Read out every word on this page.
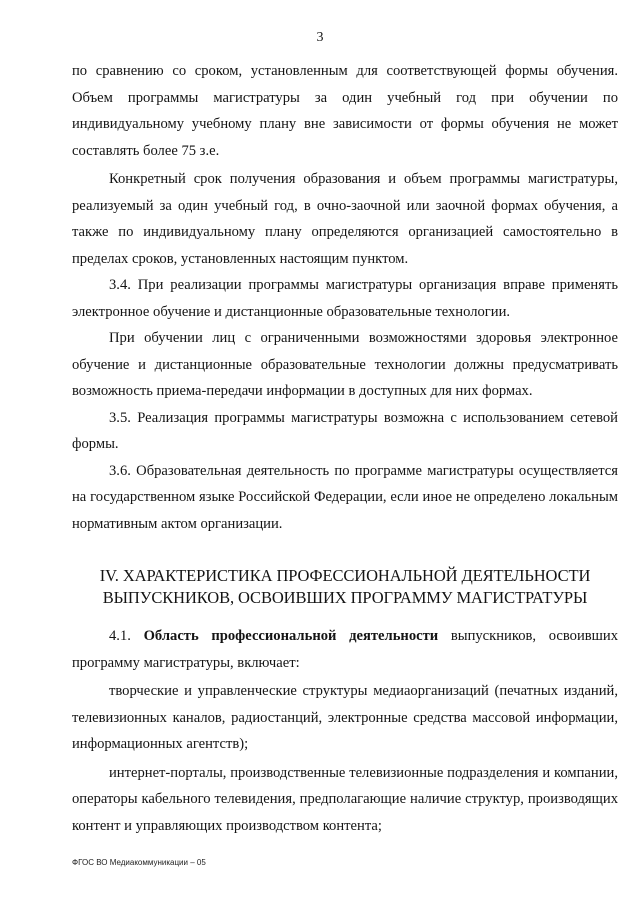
3

по сравнению со сроком, установленным для соответствующей формы обучения. Объем программы магистратуры за один учебный год при обучении по индивидуальному учебному плану вне зависимости от формы обучения не может составлять более 75 з.е.

Конкретный срок получения образования и объем программы магистратуры, реализуемый за один учебный год, в очно-заочной или заочной формах обучения, а также по индивидуальному плану определяются организацией самостоятельно в пределах сроков, установленных настоящим пунктом.

3.4. При реализации программы магистратуры организация вправе применять электронное обучение и дистанционные образовательные технологии.

При обучении лиц с ограниченными возможностями здоровья электронное обучение и дистанционные образовательные технологии должны предусматривать возможность приема-передачи информации в доступных для них формах.

3.5. Реализация программы магистратуры возможна с использованием сетевой формы.

3.6. Образовательная деятельность по программе магистратуры осуществляется на государственном языке Российской Федерации, если иное не определено локальным нормативным актом организации.

IV. ХАРАКТЕРИСТИКА ПРОФЕССИОНАЛЬНОЙ ДЕЯТЕЛЬНОСТИ
ВЫПУСКНИКОВ, ОСВОИВШИХ ПРОГРАММУ МАГИСТРАТУРЫ

4.1. Область профессиональной деятельности выпускников, освоивших программу магистратуры, включает:

творческие и управленческие структуры медиаорганизаций (печатных изданий, телевизионных каналов, радиостанций, электронные средства массовой информации, информационных агентств);

интернет-порталы, производственные телевизионные подразделения и компании, операторы кабельного телевидения, предполагающие наличие структур, производящих контент и управляющих производством контента;

ФГОС ВО Медиакоммуникации – 05
